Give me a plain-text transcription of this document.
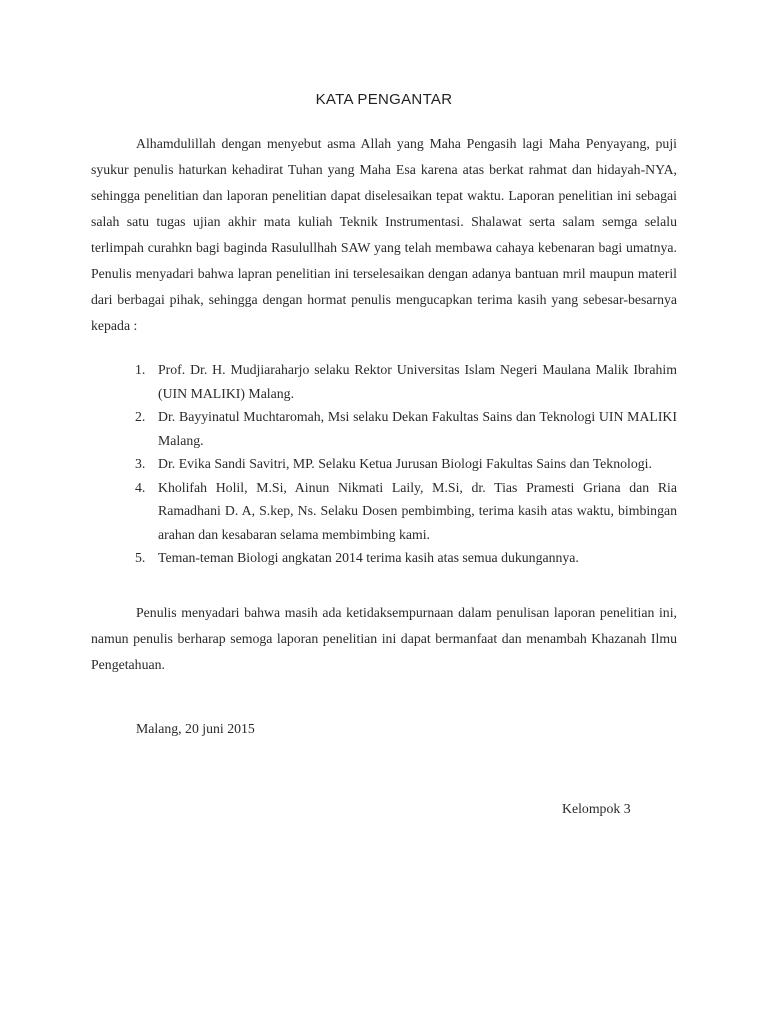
KATA PENGANTAR

Alhamdulillah dengan menyebut asma Allah yang Maha Pengasih lagi Maha Penyayang, puji syukur penulis haturkan kehadirat Tuhan yang Maha Esa karena atas berkat rahmat dan hidayah-NYA, sehingga penelitian dan laporan penelitian dapat diselesaikan tepat waktu. Laporan penelitian ini sebagai salah satu tugas ujian akhir mata kuliah Teknik Instrumentasi. Shalawat serta salam semga selalu terlimpah curahkn bagi baginda Rasulullhah SAW yang telah membawa cahaya kebenaran bagi umatnya. Penulis menyadari bahwa lapran penelitian ini terselesaikan dengan adanya bantuan mril maupun materil dari berbagai pihak, sehingga dengan hormat penulis mengucapkan terima kasih yang sebesar-besarnya kepada :

1. Prof. Dr. H. Mudjiaraharjo selaku Rektor Universitas Islam Negeri Maulana Malik Ibrahim (UIN MALIKI) Malang.
2. Dr. Bayyinatul Muchtaromah, Msi selaku Dekan Fakultas Sains dan Teknologi UIN MALIKI Malang.
3. Dr. Evika Sandi Savitri, MP. Selaku Ketua Jurusan Biologi Fakultas Sains dan Teknologi.
4. Kholifah Holil, M.Si, Ainun Nikmati Laily, M.Si, dr. Tias Pramesti Griana dan Ria Ramadhani D. A, S.kep, Ns. Selaku Dosen pembimbing, terima kasih atas waktu, bimbingan arahan dan kesabaran selama membimbing kami.
5. Teman-teman Biologi angkatan 2014 terima kasih atas semua dukungannya.

Penulis menyadari bahwa masih ada ketidaksempurnaan dalam penulisan laporan penelitian ini, namun penulis berharap semoga laporan penelitian ini dapat bermanfaat dan menambah Khazanah Ilmu Pengetahuan.

Malang, 20 juni 2015
Kelompok 3
